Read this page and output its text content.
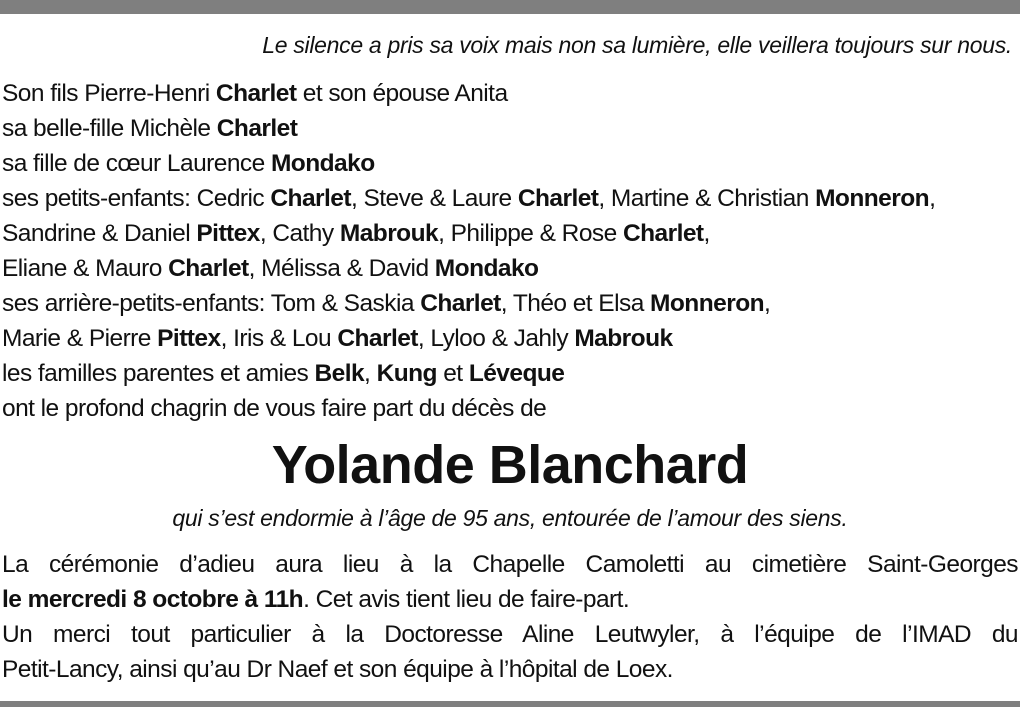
Le silence a pris sa voix mais non sa lumière, elle veillera toujours sur nous.
Son fils Pierre-Henri Charlet et son épouse Anita
sa belle-fille Michèle Charlet
sa fille de cœur Laurence Mondako
ses petits-enfants: Cedric Charlet, Steve & Laure Charlet, Martine & Christian Monneron,
Sandrine & Daniel Pittex, Cathy Mabrouk, Philippe & Rose Charlet,
Eliane & Mauro Charlet, Mélissa & David Mondako
ses arrière-petits-enfants: Tom & Saskia Charlet, Théo et Elsa Monneron,
Marie & Pierre Pittex, Iris & Lou Charlet, Lyloo & Jahly Mabrouk
les familles parentes et amies Belk, Kung et Léveque
ont le profond chagrin de vous faire part du décès de
Yolande Blanchard
qui s’est endormie à l’âge de 95 ans, entourée de l’amour des siens.
La cérémonie d’adieu aura lieu à la Chapelle Camoletti au cimetière Saint-Georges
le mercredi 8 octobre à 11h. Cet avis tient lieu de faire-part.
Un merci tout particulier à la Doctoresse Aline Leutwyler, à l’équipe de l’IMAD du
Petit-Lancy, ainsi qu’au Dr Naef et son équipe à l’hôpital de Loex.
